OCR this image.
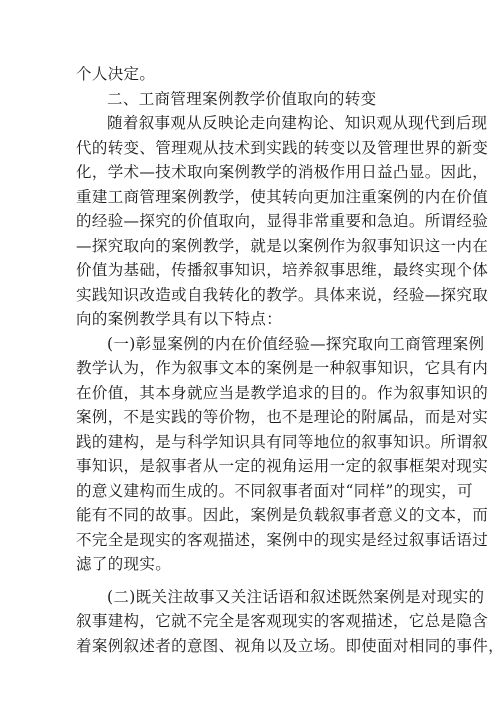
个人决定。
二、工商管理案例教学价值取向的转变
随着叙事观从反映论走向建构论、知识观从现代到后现
代的转变、管理观从技术到实践的转变以及管理世界的新变
化，学术—技术取向案例教学的消极作用日益凸显。因此，
重建工商管理案例教学，使其转向更加注重案例的内在价值
的经验—探究的价值取向，显得非常重要和急迫。所谓经验
—探究取向的案例教学，就是以案例作为叙事知识这一内在
价值为基础，传播叙事知识，培养叙事思维，最终实现个体
实践知识改造或自我转化的教学。具体来说，经验—探究取
向的案例教学具有以下特点：
(一)彰显案例的内在价值经验—探究取向工商管理案例
教学认为，作为叙事文本的案例是一种叙事知识，它具有内
在价值，其本身就应当是教学追求的目的。作为叙事知识的
案例，不是实践的等价物，也不是理论的附属品，而是对实
践的建构，是与科学知识具有同等地位的叙事知识。所谓叙
事知识，是叙事者从一定的视角运用一定的叙事框架对现实
的意义建构而生成的。不同叙事者面对“同样”的现实，可
能有不同的故事。因此，案例是负载叙事者意义的文本，而
不完全是现实的客观描述，案例中的现实是经过叙事话语过
滤了的现实。
(二)既关注故事又关注话语和叙述既然案例是对现实的
叙事建构，它就不完全是客观现实的客观描述，它总是隐含
着案例叙述者的意图、视角以及立场。即使面对相同的事件，
